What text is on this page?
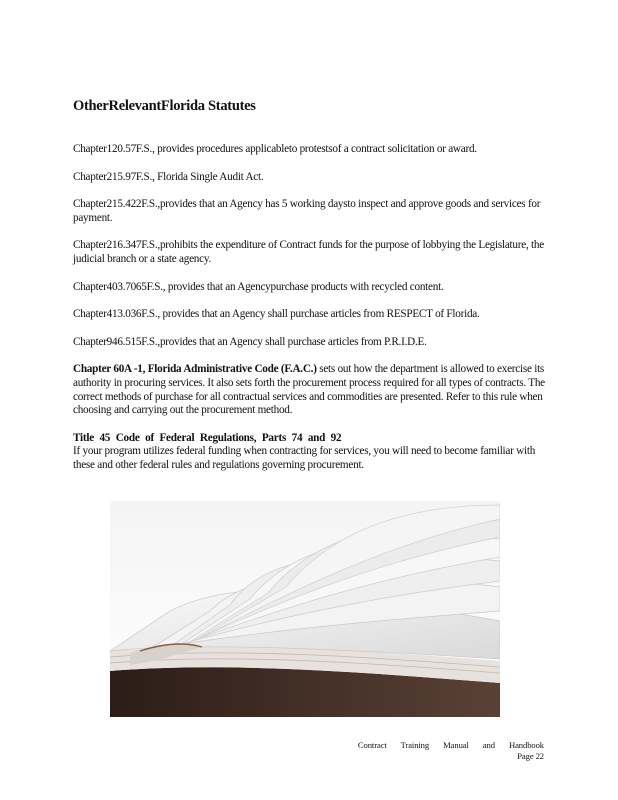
OtherRelevantFlorida Statutes

Chapter120.57F.S., provides procedures applicableto protestsof a contract solicitation or award.

Chapter215.97F.S., Florida Single Audit Act.

Chapter215.422F.S.,provides that an Agency has 5 working daysto inspect and approve goods and services for payment.

Chapter216.347F.S.,prohibits the expenditure of Contract funds for the purpose of lobbying the Legislature, the judicial branch or a state agency.

Chapter403.7065F.S., provides that an Agencypurchase products with recycled content.

Chapter413.036F.S., provides that an Agency shall purchase articles from RESPECT of Florida.

Chapter946.515F.S.,provides that an Agency shall purchase articles from P.R.I.D.E.

Chapter 60A -1, Florida Administrative Code (F.A.C.) sets out how the department is allowed to exercise its authority in procuring services. It also sets forth the procurement process required for all types of contracts. The correct methods of purchase for all contractual services and commodities are presented. Refer to this rule when choosing and carrying out the procurement method.

Title 45 Code of Federal Regulations, Parts 74 and 92
If your program utilizes federal funding when contracting for services, you will need to become familiar with these and other federal rules and regulations governing procurement.

Contract Training Manual and Handbook
Page 22
